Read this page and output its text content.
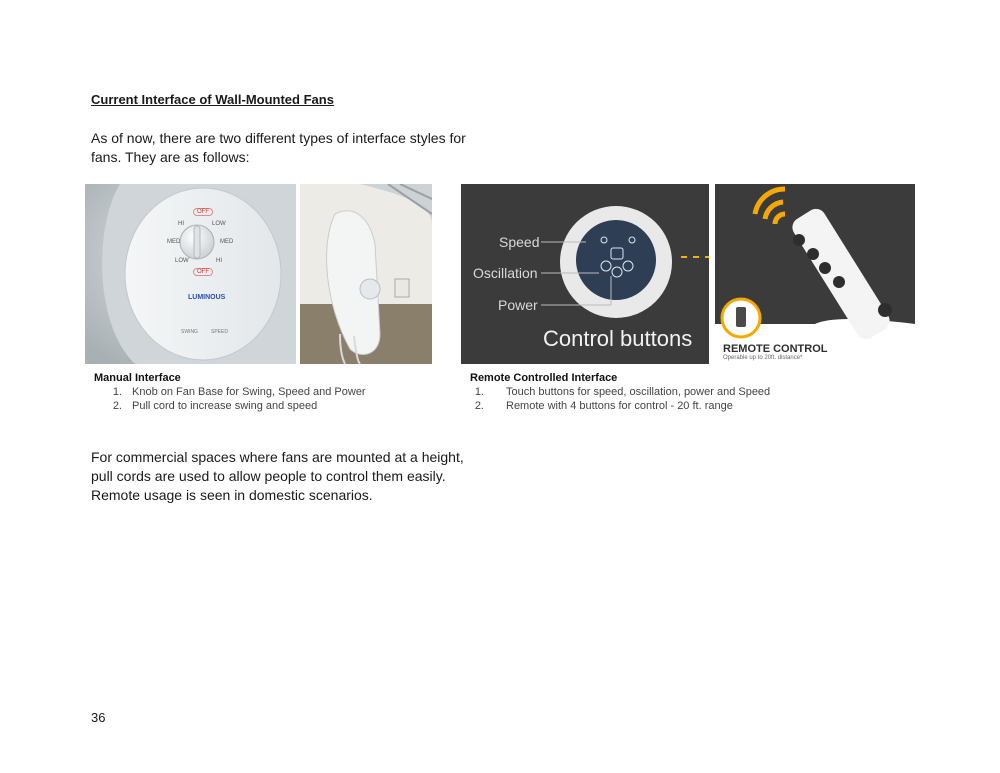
Current Interface of Wall-Mounted Fans
As of now, there are two different types of interface styles for fans. They are as follows:
OFF
HI	LOW
MED	MED
LOW	HI
OFF
LUMINOUS
SWING	SPEED
Speed
Oscillation
Power
Control buttons	REMOTE CONTROL
Operable up to 20ft. distance*
Manual Interface
1. Knob on Fan Base for Swing, Speed and Power
2. Pull cord to increase swing and speed
Remote Controlled Interface
1.	Touch buttons for speed, oscillation, power and Speed
2.	Remote with 4 buttons for control - 20 ft. range
For commercial spaces where fans are mounted at a height, pull cords are used to allow people to control them easily. Remote usage is seen in domestic scenarios.
36
